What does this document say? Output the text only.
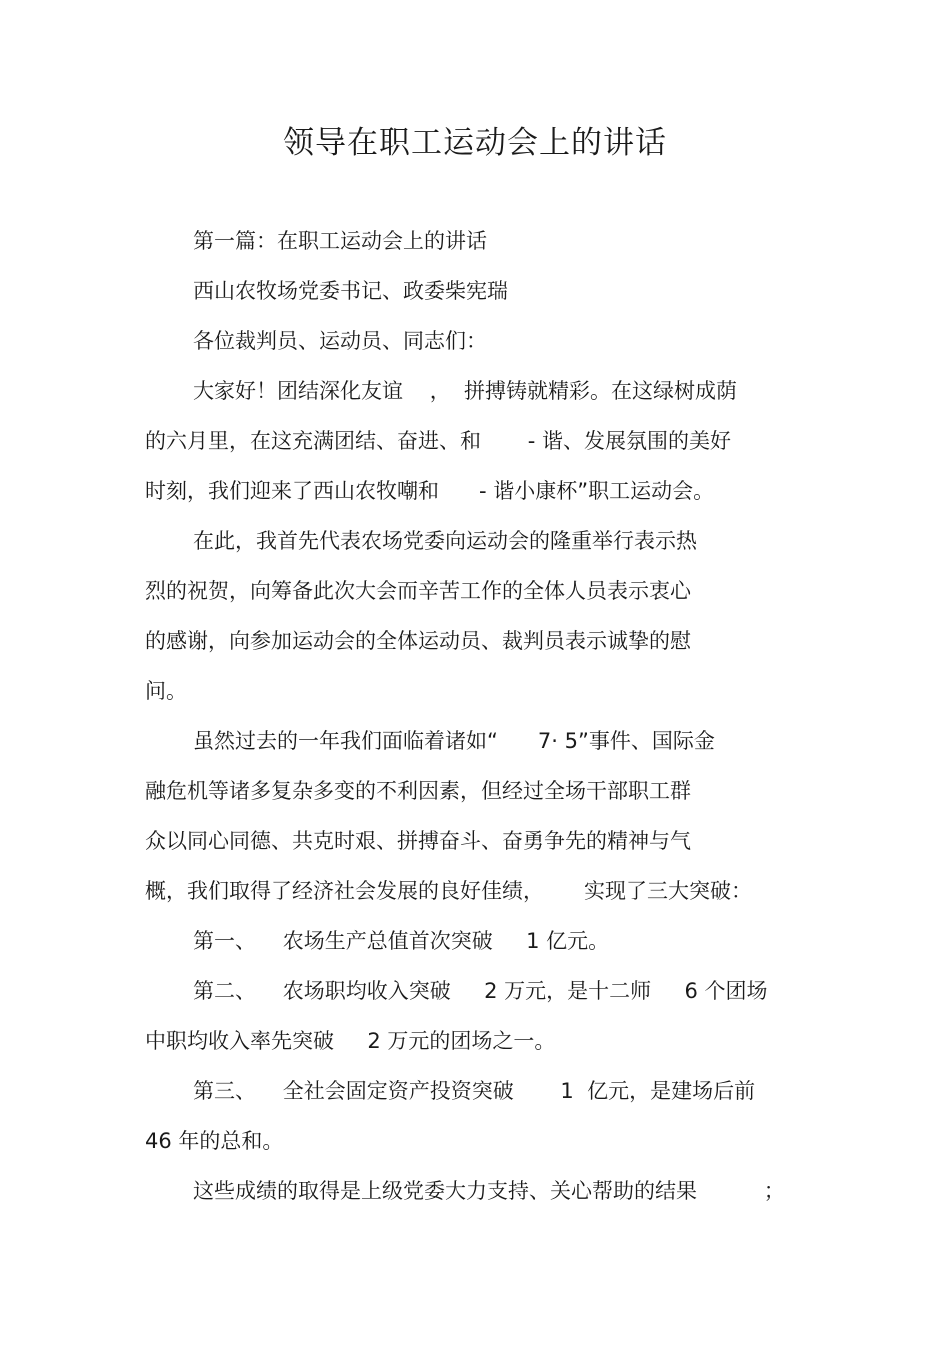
领导在职工运动会上的讲话
第一篇：在职工运动会上的讲话
西山农牧场党委书记、政委柴宪瑞
各位裁判员、运动员、同志们：
大家好！团结深化友谊    ，  拼搏铸就精彩。在这绿树成荫
的六月里，在这充满团结、奋进、和       - 谐、发展氛围的美好
时刻，我们迎来了西山农牧嘲和      - 谐小康杯”职工运动会。
在此，我首先代表农场党委向运动会的隆重举行表示热
烈的祝贺，向筹备此次大会而辛苦工作的全体人员表示衷心
的感谢，向参加运动会的全体运动员、裁判员表示诚挚的慰
问。
虽然过去的一年我们面临着诸如“      7· 5”事件、国际金
融危机等诸多复杂多变的不利因素，但经过全场干部职工群
众以同心同德、共克时艰、拼搏奋斗、奋勇争先的精神与气
概，我们取得了经济社会发展的良好佳绩，      实现了三大突破：
第一、    农场生产总值首次突破     1 亿元。
第二、    农场职均收入突破     2 万元，是十二师     6 个团场
中职均收入率先突破     2 万元的团场之一。
第三、    全社会固定资产投资突破       1  亿元，是建场后前
46 年的总和。
这些成绩的取得是上级党委大力支持、关心帮助的结果          ；
